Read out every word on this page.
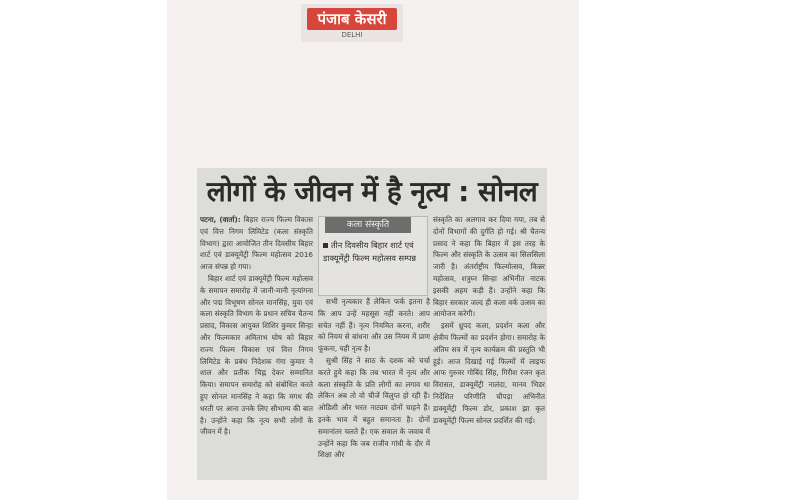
पंजाब केसरी
DELHI
लोगों के जीवन में है नृत्य : सोनल

पटना, (वार्ता): बिहार राज्य फिल्म विकास एवं वित्त निगम लिमिटेड (कला संस्कृति विभाग) द्वारा आयोजित तीन दिवसीय बिहार शार्ट एवं डाक्यूमेंट्री फिल्म महोत्सव 2016 आज संपन्न हो गया।

बिहार शार्ट एवं डाक्यूमेंट्री फिल्म महोत्सव के समापन समारोह में जानी-मानी नृत्यांगना और पद्म विभूषण सोनल मानसिंह, युवा एवं कला संस्कृति विभाग के प्रधान सचिव चैतन्य प्रसाद, विकास आयुक्त शिशिर कुमार सिन्हा और फिल्मकार अमिताभ घोष को बिहार राज्य फिल्म विकास एवं वित्त निगम लिमिटेड के प्रबंध निदेशक गंगा कुमार ने शाल और प्रतीक चिह्न देकर सम्मानित किया। समापन समारोह को संबोधित करते हुए सोनल मानसिंह ने कहा कि मगध की धरती पर आना उनके लिए सौभाग्य की बात है। उन्होंने कहा कि नृत्य सभी लोगों के जीवन में है।

कला संस्कृति
तीन दिवसीय बिहार शार्ट एवं डाक्यूमेंट्री फिल्म महोत्सव सम्पन्न

सभी नृत्यकार हैं लेकिन फर्क इतना है कि आप उन्हें महसूस नहीं करते। आप सचेत नहीं हैं। नृत्य नियमित करना, शरीर को नियम से बांधना और उस नियम में प्राण फूंकना, यही नृत्य है।

सुश्री सिंह ने साठ के दशक को चर्चा करते हुये कहा कि तब भारत में नृत्य और कला संस्कृति के प्रति लोगों का लगाव था लेकिन अब तो वो चीजें विलुप्त हो रही हैं। ओडिशी और भरत नाट्यम दोनों चाहने हैं। इनके भाव में बहुत समानता है। दोनों समानांतर चलते हैं। एक सवाल के जवाब में उन्होंने कहा कि जब राजीव गांधी के दौर में शिक्षा और

संस्कृति का अलगाव कर दिया गया, तब से दोनों विभागों की दुर्गति हो गई। श्री चैतन्य प्रसाद ने कहा कि बिहार में इस तरह के फिल्म और संस्कृति के उत्सव का सिलसिला जारी है। अंतर्राष्ट्रीय फिल्मोत्सव, किन्नर महोत्सव, शत्रुघ्न सिन्हा अभिनीत नाटक इसकी अहम कड़ी हैं। उन्होंने कहा कि बिहार सरकार जल्द ही कला वर्क उत्सव का आयोजन करेगी।

इसमें ध्रुपद कला, प्रदर्शन कला और क्षेत्रीय फिल्मों का प्रदर्शन होगा। समारोह के अंतिम सत्र में नृत्य कार्यक्रम की प्रस्तुति भी हुई। आज दिखाई गई फिल्मों में लाइफ आफ गुरुवर गोबिंद सिंह, गिरीश रंजन कृत विरासत, डाक्यूमेंट्री नालंदा, मानव भिडर निर्देशित परिणीति चौपड़ा अभिनीत डाक्यूमेंट्री फिल्म डोर, प्रकाश झा कृत डाक्यूमेंट्री फिल्म सोनल प्रदर्शित की गई।
